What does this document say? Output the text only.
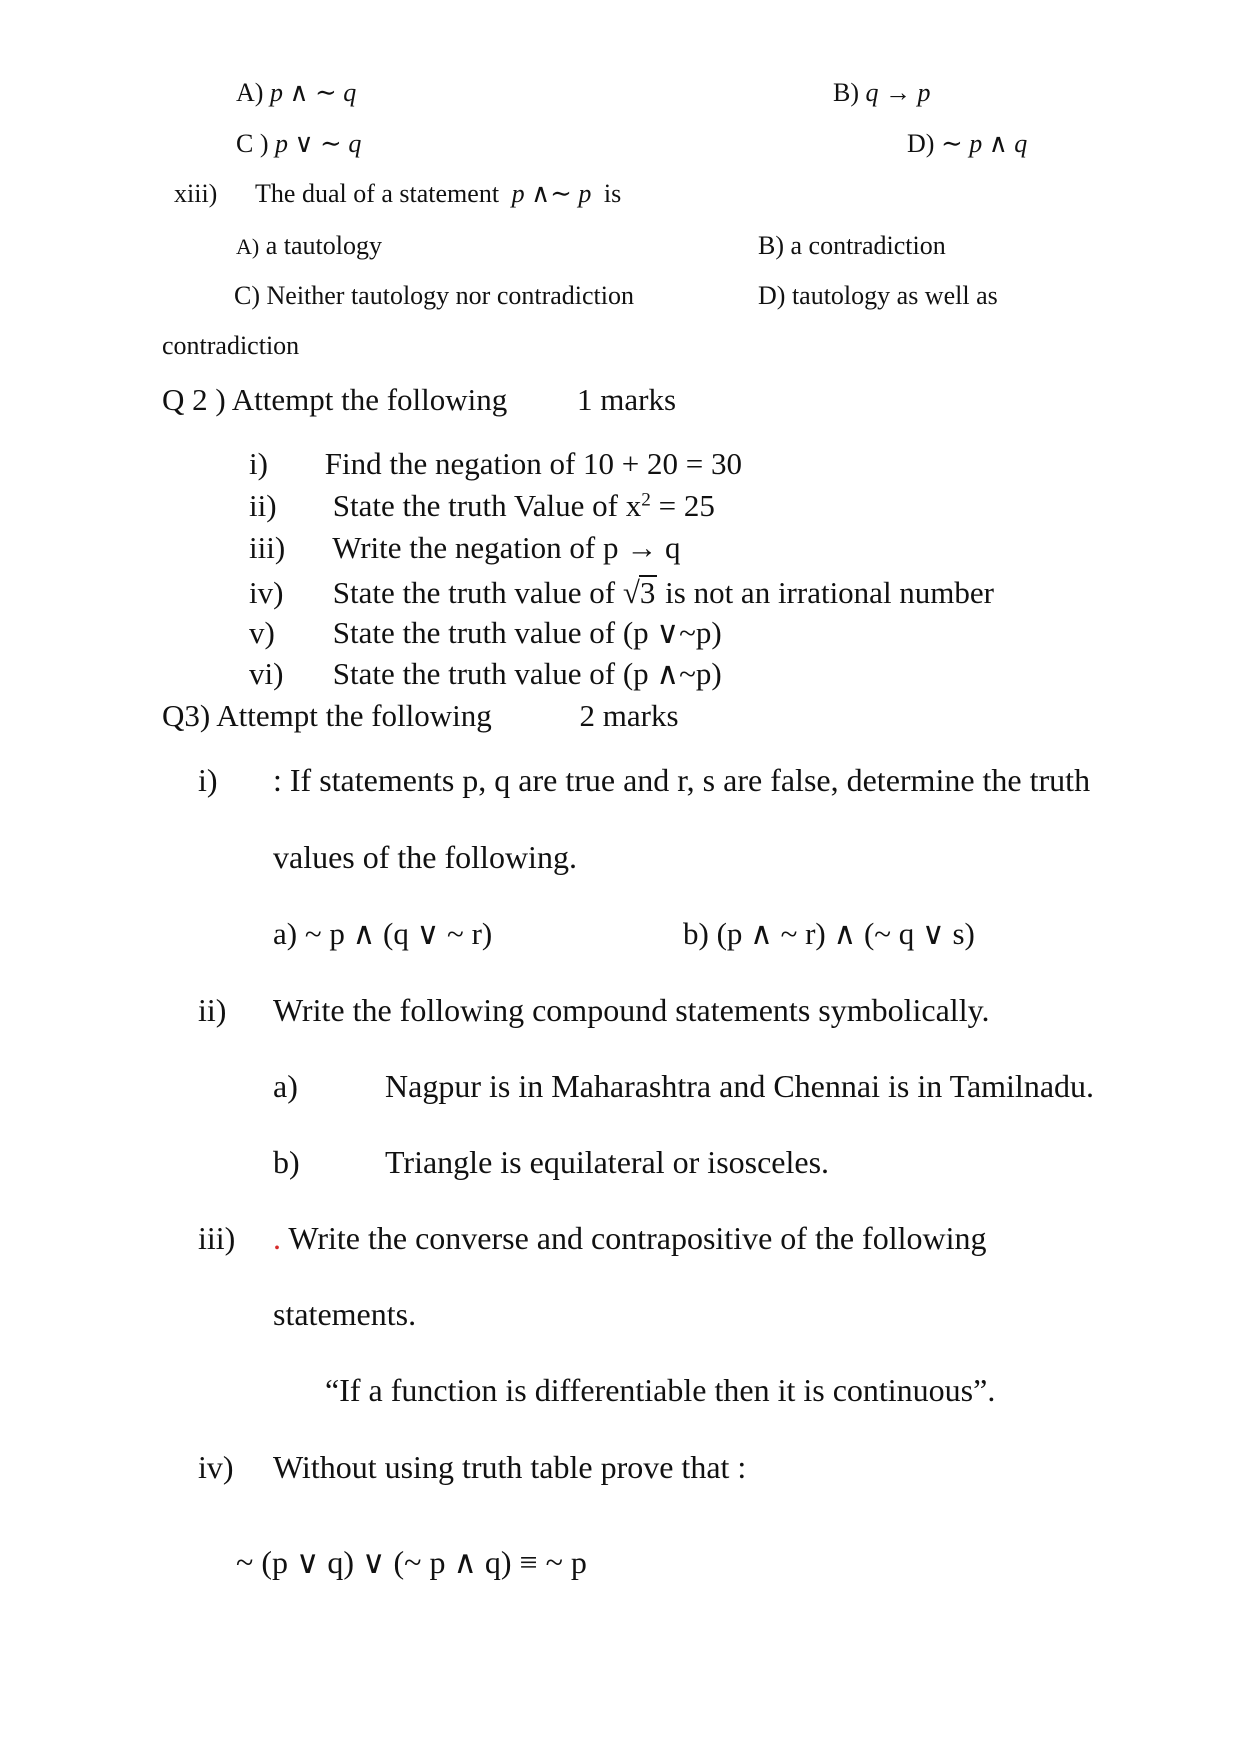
A) p ∧ ∼ q	B) q → p
C ) p ∨ ∼ q	D) ∼ p ∧ q
xiii) The dual of a statement p ∧∼ p is
A) a tautology	B) a contradiction
C) Neither tautology nor contradiction	D) tautology as well as
contradiction
Q 2 ) Attempt the following 1 marks
i) Find the negation of 10 + 20 = 30
ii) State the truth Value of $x^2 = 25$
iii) Write the negation of p → q
iv) State the truth value of √3 is not an irrational number
v) State the truth value of (p ∨~p)
vi) State the truth value of (p ∧~p)
Q3) Attempt the following	2 marks
i) : If statements p, q are true and r, s are false, determine the truth
values of the following.
a) ~ p ∧ (q ∨ ~ r)	b) (p ∧ ~ r) ∧ (~ q ∨ s)
ii) Write the following compound statements symbolically.
a)	Nagpur is in Maharashtra and Chennai is in Tamilnadu.
b)	Triangle is equilateral or isosceles.
iii) . Write the converse and contrapositive of the following
statements.
“If a function is differentiable then it is continuous”.
iv) Without using truth table prove that :
~ (p ∨ q) ∨ (~ p ∧ q) ≡ ~ p
